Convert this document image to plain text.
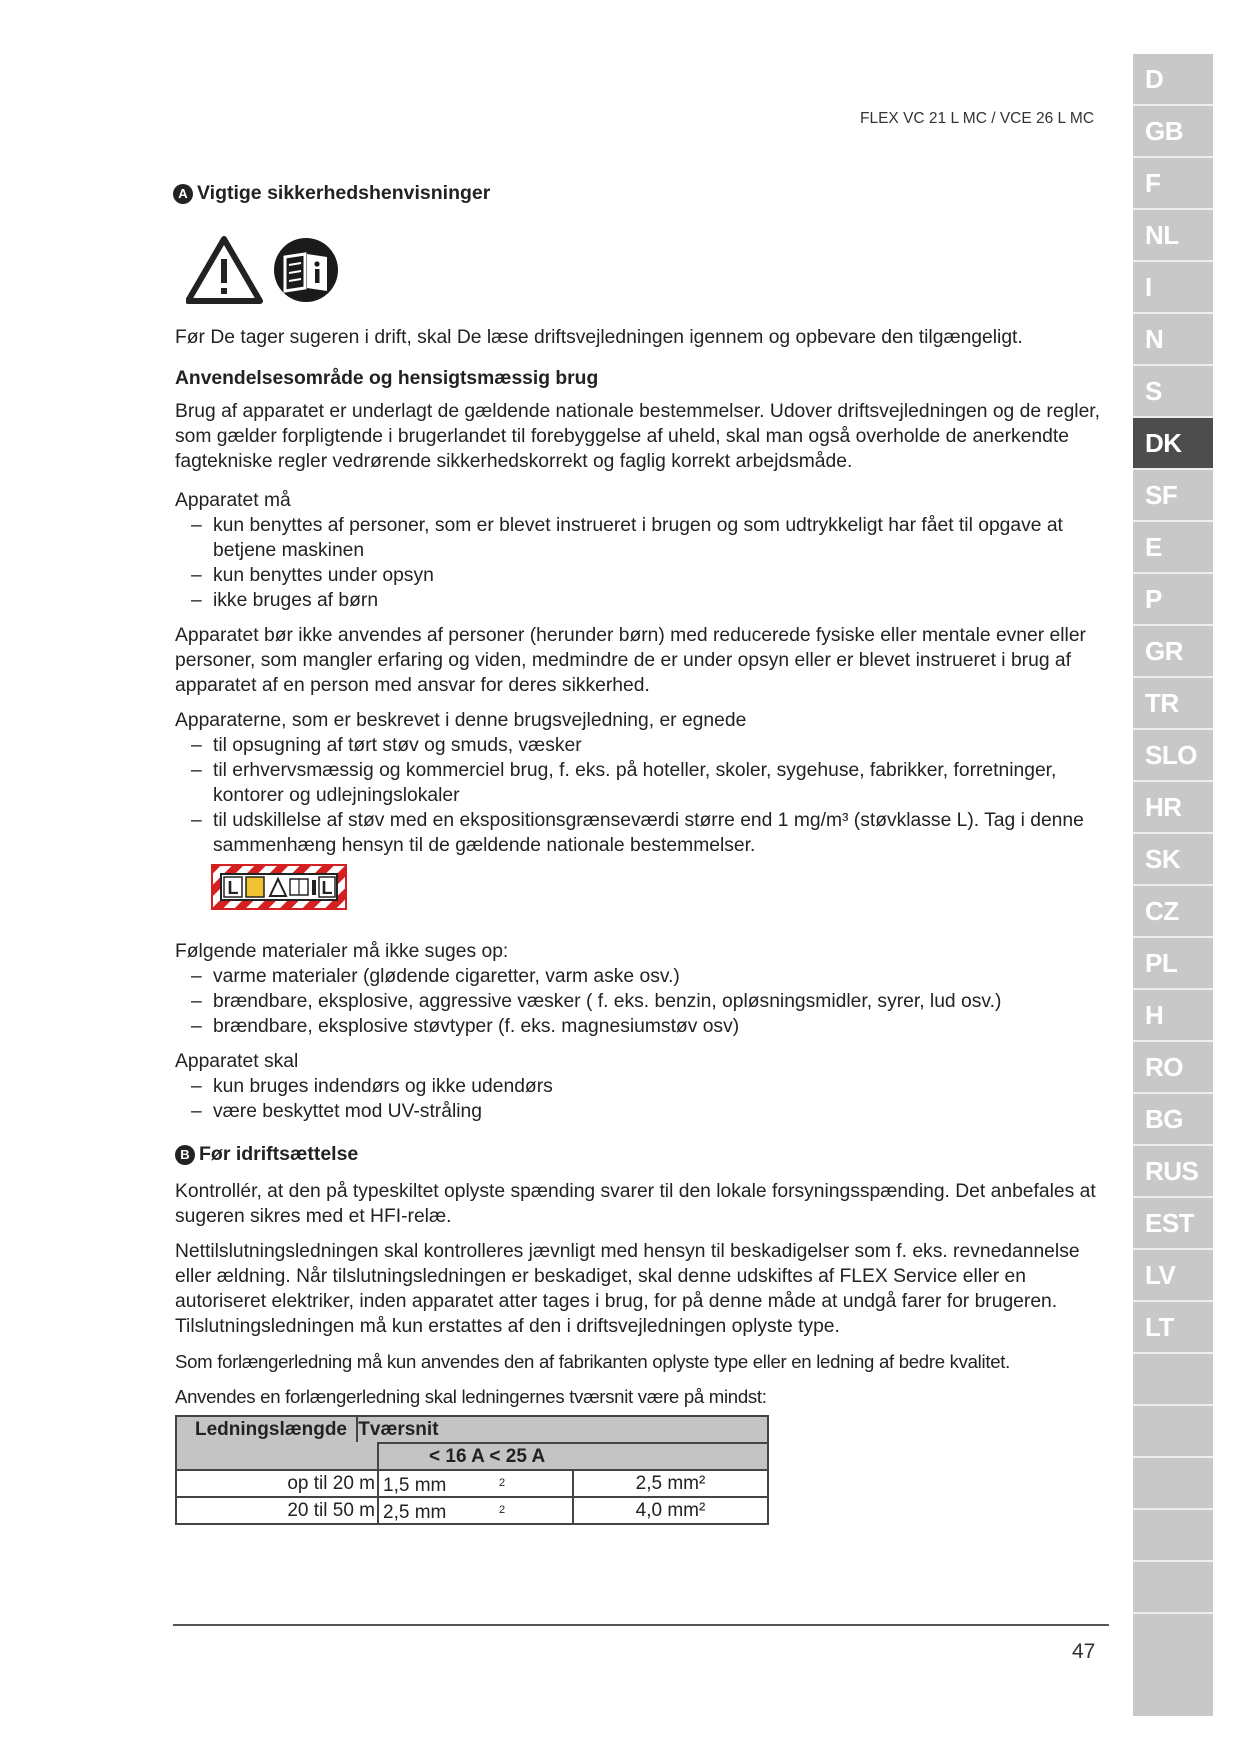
FLEX VC 21 L MC / VCE 26 L MC
A Vigtige sikkerhedshenvisninger

Før De tager sugeren i drift, skal De læse driftsvejledningen igennem og opbevare den tilgængeligt.

Anvendelsesområde og hensigtsmæssig brug

Brug af apparatet er underlagt de gældende nationale bestemmelser. Udover driftsvejledningen og de regler, som gælder forpligtende i brugerlandet til forebyggelse af uheld, skal man også overholde de anerkendte fagtekniske regler vedrørende sikkerhedskorrekt og faglig korrekt arbejdsmåde.

Apparatet må

– kun benyttes af personer, som er blevet instrueret i brugen og som udtrykkeligt har fået til opgave at betjene maskinen
– kun benyttes under opsyn
– ikke bruges af børn

Apparatet bør ikke anvendes af personer (herunder børn) med reducerede fysiske eller mentale evner eller personer, som mangler erfaring og viden, medmindre de er under opsyn eller er blevet instrueret i brug af apparatet af en person med ansvar for deres sikkerhed.

Apparaterne, som er beskrevet i denne brugsvejledning, er egnede

– til opsugning af tørt støv og smuds, væsker
– til erhvervsmæssig og kommerciel brug, f. eks. på hoteller, skoler, sygehuse, fabrikker, forretninger, kontorer og udlejningslokaler
– til udskillelse af støv med en ekspositionsgrænseværdi større end 1 mg/m³ (støvklasse L). Tag i denne sammenhæng hensyn til de gældende nationale bestemmelser.
L	L

Følgende materialer må ikke suges op:

– varme materialer (glødende cigaretter, varm aske osv.)
– brændbare, eksplosive, aggressive væsker ( f. eks. benzin, opløsningsmidler, syrer, lud osv.)
– brændbare, eksplosive støvtyper (f. eks. magnesiumstøv osv)

Apparatet skal

– kun bruges indendørs og ikke udendørs
– være beskyttet mod UV-stråling
B Før idriftsættelse

Kontrollér, at den på typeskiltet oplyste spænding svarer til den lokale forsyningsspænding. Det anbefales at sugeren sikres med et HFI-relæ.

Nettilslutningsledningen skal kontrolleres jævnligt med hensyn til beskadigelser som f. eks. revnedannelse eller ældning. Når tilslutningsledningen er beskadiget, skal denne udskiftes af FLEX Service eller en autoriseret elektriker, inden apparatet atter tages i brug, for på denne måde at undgå farer for brugeren. Tilslutningsledningen må kun erstattes af den i driftsvejledningen oplyste type.

Som forlængerledning må kun anvendes den af fabrikanten oplyste type eller en ledning af bedre kvalitet.

Anvendes en forlængerledning skal ledningernes tværsnit være på mindst:

Ledningslængde Tværsnit		
	< 16 A < 25 A	
op til 20 m	1,5 mm 2	2,5 mm²
20 til 50 m	2,5 mm 2	4,0 mm²
47
D
GB
F
NL
I
N
S
DK
SF
E
P
GR
TR
SLO
HR
SK
CZ
PL
H
RO
BG
RUS
EST
LV
LT
